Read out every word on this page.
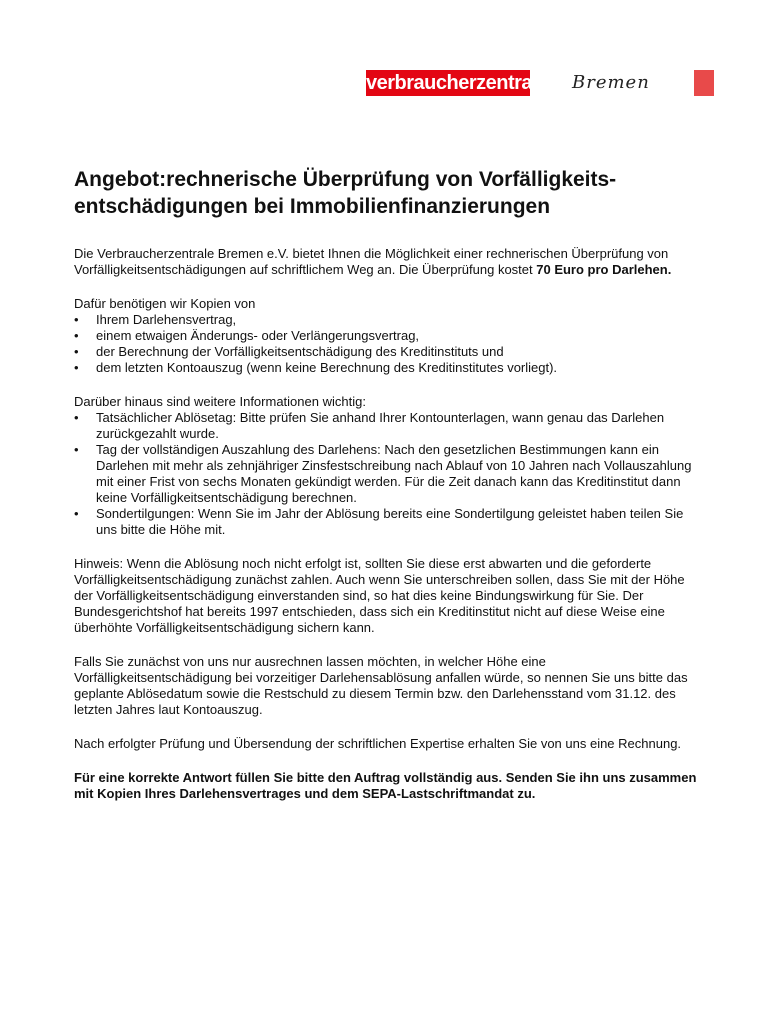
verbraucherzentrale Bremen
Angebot:rechnerische Überprüfung von Vorfälligkeits-entschädigungen bei Immobilienfinanzierungen

Die Verbraucherzentrale Bremen e.V. bietet Ihnen die Möglichkeit einer rechnerischen Überprüfung von Vorfälligkeitsentschädigungen auf schriftlichem Weg an. Die Überprüfung kostet 70 Euro pro Darlehen.

Dafür benötigen wir Kopien von

• Ihrem Darlehensvertrag,
• einem etwaigen Änderungs- oder Verlängerungsvertrag,
• der Berechnung der Vorfälligkeitsentschädigung des Kreditinstituts und
• dem letzten Kontoauszug (wenn keine Berechnung des Kreditinstitutes vorliegt).

Darüber hinaus sind weitere Informationen wichtig:

• Tatsächlicher Ablösetag: Bitte prüfen Sie anhand Ihrer Kontounterlagen, wann genau das Darlehen zurückgezahlt wurde.
• Tag der vollständigen Auszahlung des Darlehens: Nach den gesetzlichen Bestimmungen kann ein Darlehen mit mehr als zehnjähriger Zinsfestschreibung nach Ablauf von 10 Jahren nach Vollauszahlung mit einer Frist von sechs Monaten gekündigt werden. Für die Zeit danach kann das Kreditinstitut dann keine Vorfälligkeitsentschädigung berechnen.
• Sondertilgungen: Wenn Sie im Jahr der Ablösung bereits eine Sondertilgung geleistet haben teilen Sie uns bitte die Höhe mit.

Hinweis: Wenn die Ablösung noch nicht erfolgt ist, sollten Sie diese erst abwarten und die geforderte Vorfälligkeitsentschädigung zunächst zahlen. Auch wenn Sie unterschreiben sollen, dass Sie mit der Höhe der Vorfälligkeitsentschädigung einverstanden sind, so hat dies keine Bindungswirkung für Sie. Der Bundesgerichtshof hat bereits 1997 entschieden, dass sich ein Kreditinstitut nicht auf diese Weise eine überhöhte Vorfälligkeitsentschädigung sichern kann.

Falls Sie zunächst von uns nur ausrechnen lassen möchten, in welcher Höhe eine Vorfälligkeitsentschädigung bei vorzeitiger Darlehensablösung anfallen würde, so nennen Sie uns bitte das geplante Ablösedatum sowie die Restschuld zu diesem Termin bzw. den Darlehensstand vom 31.12. des letzten Jahres laut Kontoauszug.

Nach erfolgter Prüfung und Übersendung der schriftlichen Expertise erhalten Sie von uns eine Rechnung.

Für eine korrekte Antwort füllen Sie bitte den Auftrag vollständig aus. Senden Sie ihn uns zusammen mit Kopien Ihres Darlehensvertrages und dem SEPA-Lastschriftmandat zu.
